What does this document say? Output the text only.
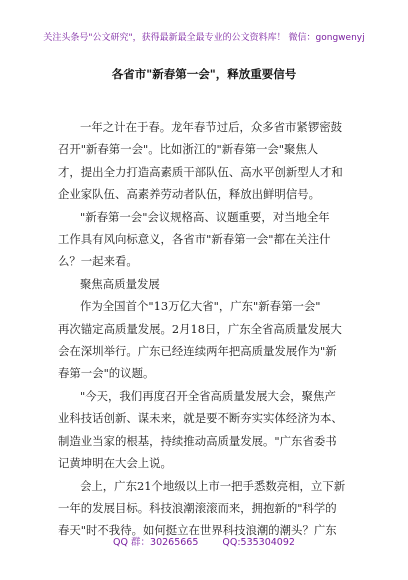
关注头条号"公文研究"，获得最新最全最专业的公文资料库！ 微信：gongwenyj
各省市"新春第一会"，释放重要信号
一年之计在于春。龙年春节过后，众多省市紧锣密鼓
召开"新春第一会"。比如浙江的"新春第一会"聚焦人
才，提出全力打造高素质干部队伍、高水平创新型人才和
企业家队伍、高素养劳动者队伍，释放出鲜明信号。
"新春第一会"会议规格高、议题重要，对当地全年
工作具有风向标意义，各省市"新春第一会"都在关注什
么？一起来看。
聚焦高质量发展
作为全国首个"13万亿大省"，广东"新春第一会"
再次锚定高质量发展。2月18日，广东全省高质量发展大
会在深圳举行。广东已经连续两年把高质量发展作为"新
春第一会"的议题。
"今天，我们再度召开全省高质量发展大会，聚焦产
业科技话创新、谋未来，就是要不断夯实实体经济为本、
制造业当家的根基，持续推动高质量发展。"广东省委书
记黄坤明在大会上说。
会上，广东21个地级以上市一把手悉数亮相，立下新
一年的发展目标。科技浪潮滚滚而来，拥抱新的"科学的
春天"时不我待。如何挺立在世界科技浪潮的潮头？广东
QQ 群：30265665	QQ:535304092
